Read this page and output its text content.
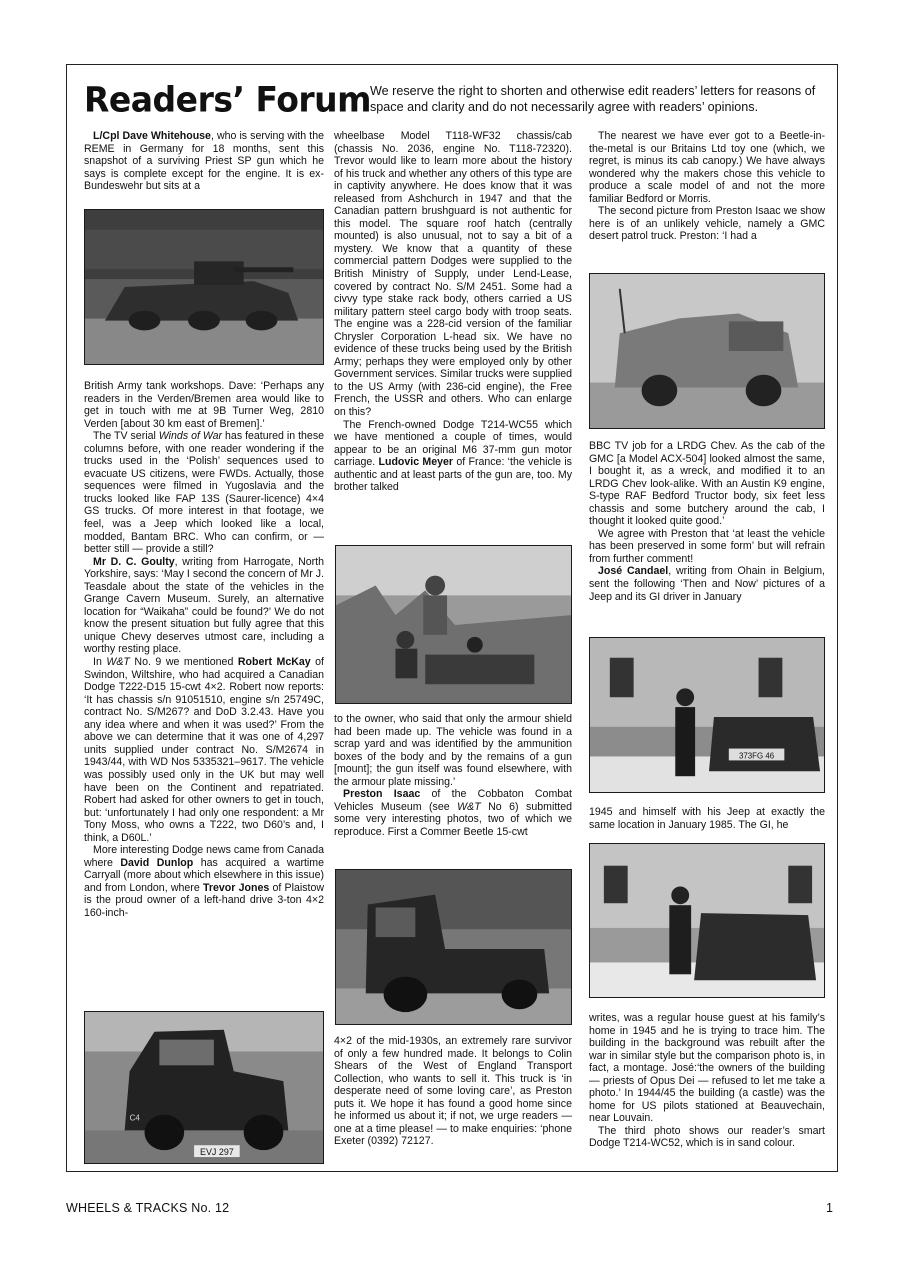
Readers’ Forum
We reserve the right to shorten and otherwise edit readers’ letters for reasons of space and clarity and do not necessarily agree with readers’ opinions.

L/Cpl Dave Whitehouse, who is serving with the REME in Germany for 18 months, sent this snapshot of a surviving Priest SP gun which he says is complete except for the engine. It is ex-Bundeswehr but sits at a

British Army tank workshops. Dave: ‘Perhaps any readers in the Verden/Bremen area would like to get in touch with me at 9B Turner Weg, 2810 Verden [about 30 km east of Bremen].’

The TV serial Winds of War has featured in these columns before, with one reader wondering if the trucks used in the ‘Polish’ sequences used to evacuate US citizens, were FWDs. Actually, those sequences were filmed in Yugoslavia and the trucks looked like FAP 13S (Saurer-licence) 4×4 GS trucks. Of more interest in that footage, we feel, was a Jeep which looked like a local, modded, Bantam BRC. Who can confirm, or — better still — provide a still?

Mr D. C. Goulty, writing from Harrogate, North Yorkshire, says: ‘May I second the concern of Mr J. Teasdale about the state of the vehicles in the Grange Cavern Museum. Surely, an alternative location for “Waikaha” could be found?’ We do not know the present situation but fully agree that this unique Chevy deserves utmost care, including a worthy resting place.

In W&T No. 9 we mentioned Robert McKay of Swindon, Wiltshire, who had acquired a Canadian Dodge T222-D15 15-cwt 4×2. Robert now reports: ‘It has chassis s/n 91051510, engine s/n 25749C, contract No. S/M267? and DoD 3.2.43. Have you any idea where and when it was used?’ From the above we can determine that it was one of 4,297 units supplied under contract No. S/M2674 in 1943/44, with WD Nos 5335321–9617. The vehicle was possibly used only in the UK but may well have been on the Continent and repatriated. Robert had asked for other owners to get in touch, but: ‘unfortunately I had only one respondent: a Mr Tony Moss, who owns a T222, two D60’s and, I think, a D60L.’

More interesting Dodge news came from Canada where David Dunlop has acquired a wartime Carryall (more about which elsewhere in this issue) and from London, where Trevor Jones of Plaistow is the proud owner of a left-hand drive 3-ton 4×2 160-inch-

EVJ 297
C4

wheelbase Model T118-WF32 chassis/cab (chassis No. 2036, engine No. T118-72320). Trevor would like to learn more about the history of his truck and whether any others of this type are in captivity anywhere. He does know that it was released from Ashchurch in 1947 and that the Canadian pattern brushguard is not authentic for this model. The square roof hatch (centrally mounted) is also unusual, not to say a bit of a mystery. We know that a quantity of these commercial pattern Dodges were supplied to the British Ministry of Supply, under Lend-Lease, covered by contract No. S/M 2451. Some had a civvy type stake rack body, others carried a US military pattern steel cargo body with troop seats. The engine was a 228-cid version of the familiar Chrysler Corporation L-head six. We have no evidence of these trucks being used by the British Army; perhaps they were employed only by other Government services. Similar trucks were supplied to the US Army (with 236-cid engine), the Free French, the USSR and others. Who can enlarge on this?

The French-owned Dodge T214-WC55 which we have mentioned a couple of times, would appear to be an original M6 37-mm gun motor carriage. Ludovic Meyer of France: ‘the vehicle is authentic and at least parts of the gun are, too. My brother talked

to the owner, who said that only the armour shield had been made up. The vehicle was found in a scrap yard and was identified by the ammunition boxes of the body and by the remains of a gun [mount]; the gun itself was found elsewhere, with the armour plate missing.’

Preston Isaac of the Cobbaton Combat Vehicles Museum (see W&T No 6) submitted some very interesting photos, two of which we reproduce. First a Commer Beetle 15-cwt

4×2 of the mid-1930s, an extremely rare survivor of only a few hundred made. It belongs to Colin Shears of the West of England Transport Collection, who wants to sell it. This truck is ‘in desperate need of some loving care’, as Preston puts it. We hope it has found a good home since he informed us about it; if not, we urge readers — one at a time please! — to make enquiries: ‘phone Exeter (0392) 72127.

The nearest we have ever got to a Beetle-in-the-metal is our Britains Ltd toy one (which, we regret, is minus its cab canopy.) We have always wondered why the makers chose this vehicle to produce a scale model of and not the more familiar Bedford or Morris.

The second picture from Preston Isaac we show here is of an unlikely vehicle, namely a GMC desert patrol truck. Preston: ‘I had a

BBC TV job for a LRDG Chev. As the cab of the GMC [a Model ACX-504] looked almost the same, I bought it, as a wreck, and modified it to an LRDG Chev look-alike. With an Austin K9 engine, S-type RAF Bedford Tructor body, six feet less chassis and some butchery around the cab, I thought it looked quite good.’

We agree with Preston that ‘at least the vehicle has been preserved in some form’ but will refrain from further comment!

José Candael, writing from Ohain in Belgium, sent the following ‘Then and Now’ pictures of a Jeep and its GI driver in January

373FG 46

1945 and himself with his Jeep at exactly the same location in January 1985. The GI, he

writes, was a regular house guest at his family’s home in 1945 and he is trying to trace him. The building in the background was rebuilt after the war in similar style but the comparison photo is, in fact, a montage. José:‘the owners of the building — priests of Opus Dei — refused to let me take a photo.’ In 1944/45 the building (a castle) was the home for US pilots stationed at Beauvechain, near Louvain.

The third photo shows our reader’s smart Dodge T214-WC52, which is in sand colour.

WHEELS & TRACKS No. 12	1
